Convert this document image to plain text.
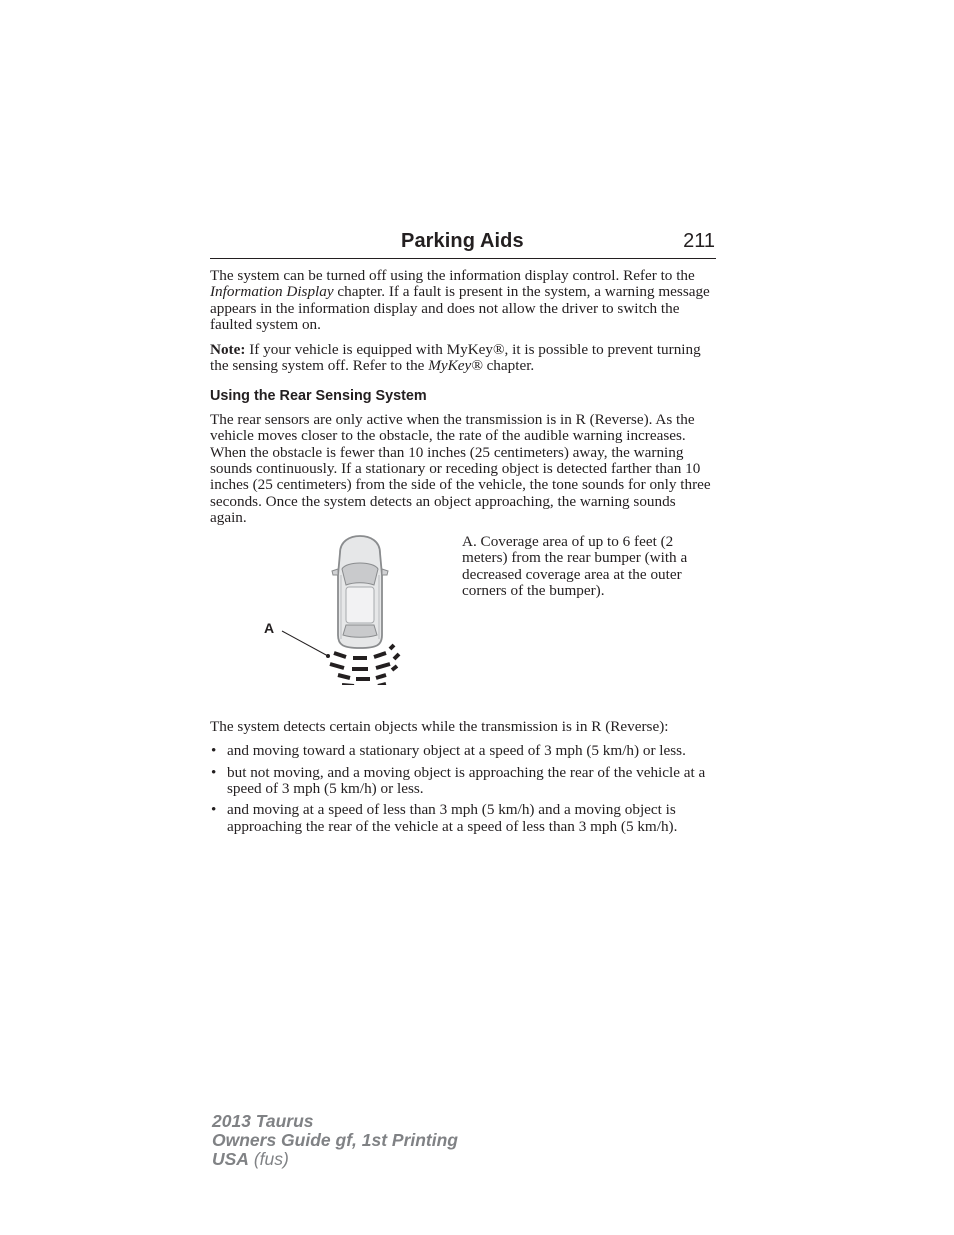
Parking Aids	211

The system can be turned off using the information display control. Refer to the Information Display chapter. If a fault is present in the system, a warning message appears in the information display and does not allow the driver to switch the faulted system on.

Note: If your vehicle is equipped with MyKey®, it is possible to prevent turning the sensing system off. Refer to the MyKey® chapter.

Using the Rear Sensing System

The rear sensors are only active when the transmission is in R (Reverse). As the vehicle moves closer to the obstacle, the rate of the audible warning increases. When the obstacle is fewer than 10 inches (25 centimeters) away, the warning sounds continuously. If a stationary or receding object is detected farther than 10 inches (25 centimeters) from the side of the vehicle, the tone sounds for only three seconds. Once the system detects an object approaching, the warning sounds again.

A
A. Coverage area of up to 6 feet (2 meters) from the rear bumper (with a decreased coverage area at the outer corners of the bumper).

The system detects certain objects while the transmission is in R (Reverse):

• and moving toward a stationary object at a speed of 3 mph (5 km/h) or less.
• but not moving, and a moving object is approaching the rear of the vehicle at a speed of 3 mph (5 km/h) or less.
• and moving at a speed of less than 3 mph (5 km/h) and a moving object is approaching the rear of the vehicle at a speed of less than 3 mph (5 km/h).
2013 Taurus
Owners Guide gf, 1st Printing
USA (fus)
